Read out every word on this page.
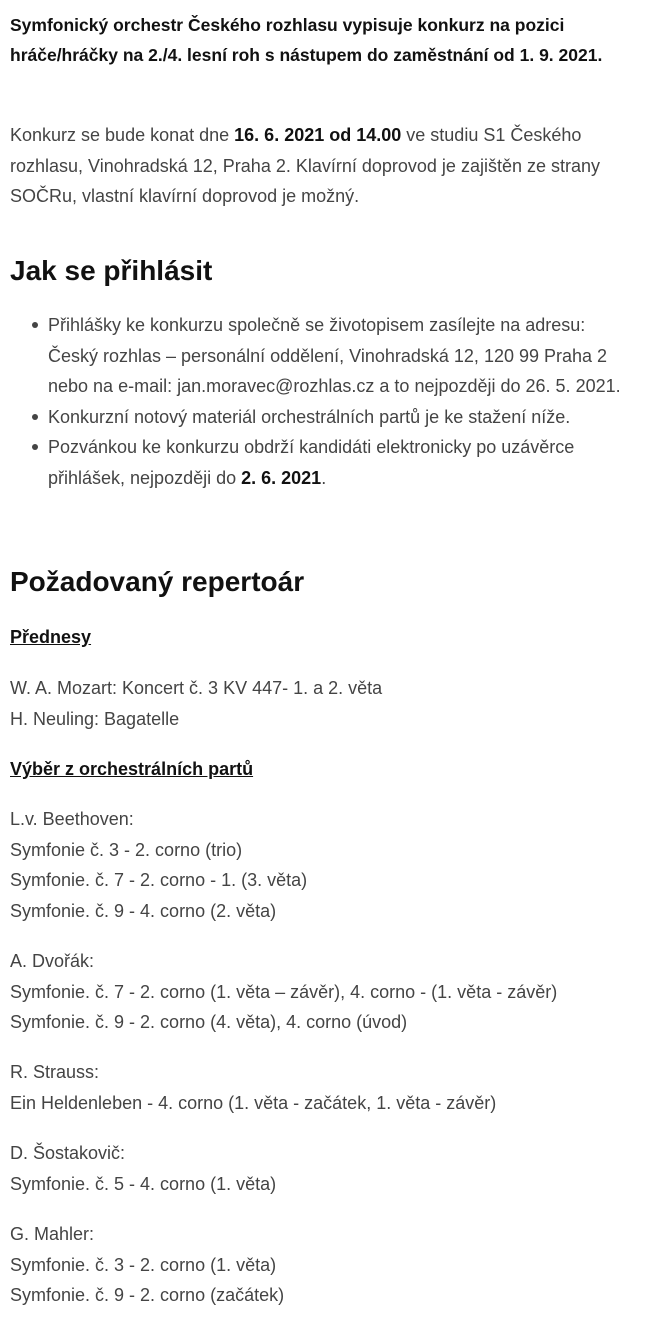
Symfonický orchestr Českého rozhlasu vypisuje konkurz na pozici hráče/hráčky na 2./4. lesní roh s nástupem do zaměstnání od 1. 9. 2021.
Konkurz se bude konat dne 16. 6. 2021 od 14.00 ve studiu S1 Českého rozhlasu, Vinohradská 12, Praha 2. Klavírní doprovod je zajištěn ze strany SOČRu, vlastní klavírní doprovod je možný.
Jak se přihlásit
Přihlášky ke konkurzu společně se životopisem zasílejte na adresu: Český rozhlas – personální oddělení, Vinohradská 12, 120 99 Praha 2 nebo na e-mail: jan.moravec@rozhlas.cz a to nejpozději do 26. 5. 2021.
Konkurzní notový materiál orchestrálních partů je ke stažení níže.
Pozvánkou ke konkurzu obdrží kandidáti elektronicky po uzávěrce přihlášek, nejpozději do 2. 6. 2021.
Požadovaný repertoár
Přednesy
W. A. Mozart: Koncert č. 3 KV 447- 1. a 2. věta
H. Neuling: Bagatelle
Výběr z orchestrálních partů
L.v. Beethoven:
Symfonie č. 3 - 2. corno (trio)
Symfonie. č. 7 - 2. corno - 1. (3. věta)
Symfonie. č. 9 - 4. corno (2. věta)
A. Dvořák:
Symfonie. č. 7 - 2. corno (1. věta – závěr), 4. corno - (1. věta - závěr)
Symfonie. č. 9 - 2. corno (4. věta), 4. corno (úvod)
R. Strauss:
Ein Heldenleben - 4. corno (1. věta - začátek, 1. věta - závěr)
D. Šostakovič:
Symfonie. č. 5 - 4. corno (1. věta)
G. Mahler:
Symfonie. č. 3 - 2. corno (1. věta)
Symfonie. č. 9 - 2. corno (začátek)
